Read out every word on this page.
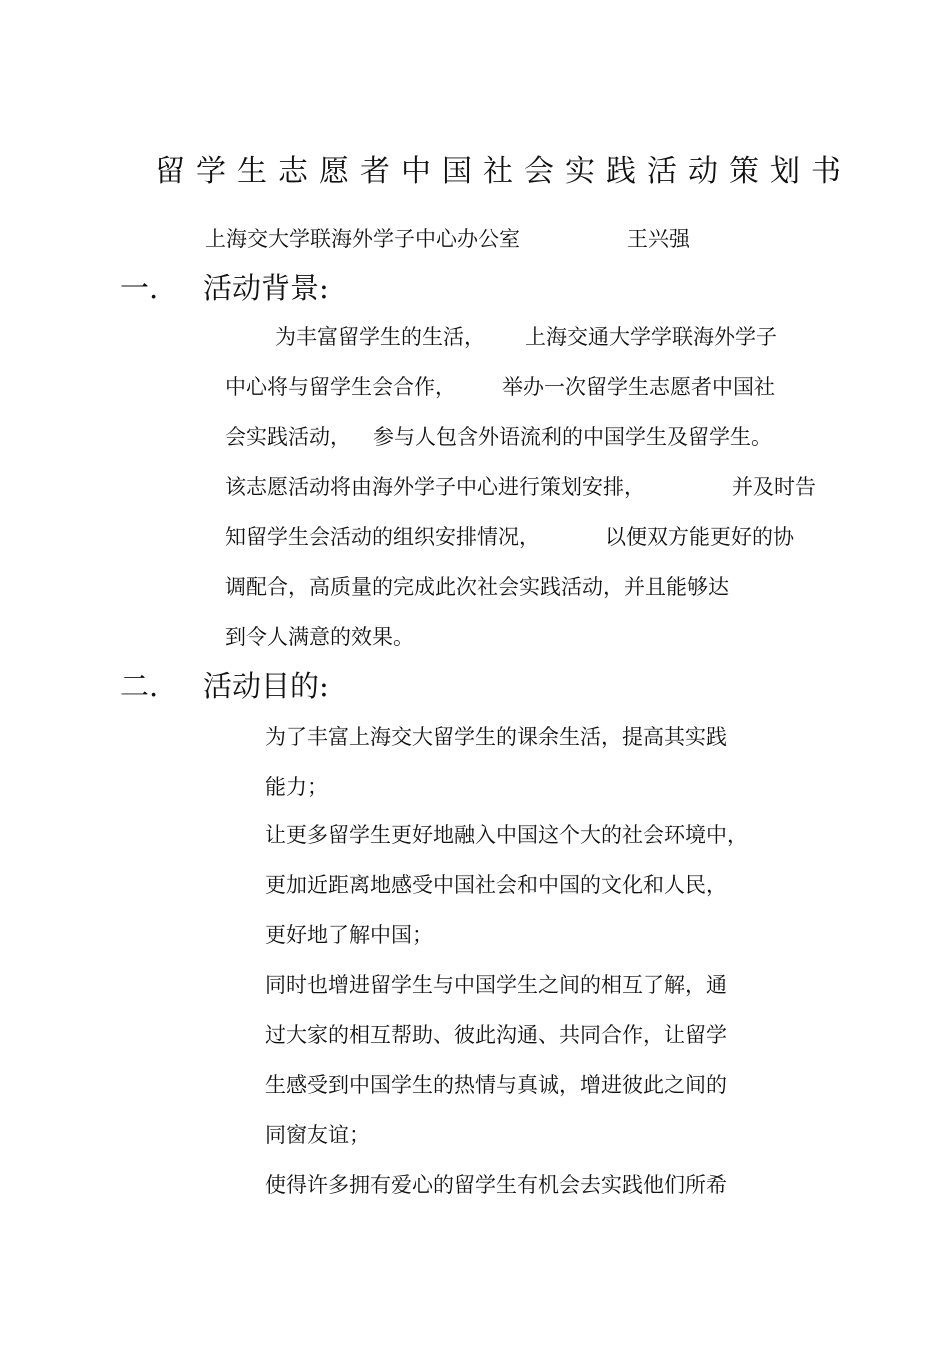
留学生志愿者中国社会实践活动策划书
上海交大学联海外学子中心办公室	王兴强
一. 活动背景:
为丰富留学生的生活， 上海交通大学学联海外学子
中心将与留学生会合作， 举办一次留学生志愿者中国社
会实践活动， 参与人包含外语流利的中国学生及留学生。
该志愿活动将由海外学子中心进行策划安排，	并及时告
知留学生会活动的组织安排情况，	以便双方能更好的协
调配合，高质量的完成此次社会实践活动，并且能够达
到令人满意的效果。
二. 活动目的:
为了丰富上海交大留学生的课余生活，提高其实践
能力；
让更多留学生更好地融入中国这个大的社会环境中，
更加近距离地感受中国社会和中国的文化和人民，
更好地了解中国；
同时也增进留学生与中国学生之间的相互了解，通
过大家的相互帮助、彼此沟通、共同合作，让留学
生感受到中国学生的热情与真诚，增进彼此之间的
同窗友谊；
使得许多拥有爱心的留学生有机会去实践他们所希
